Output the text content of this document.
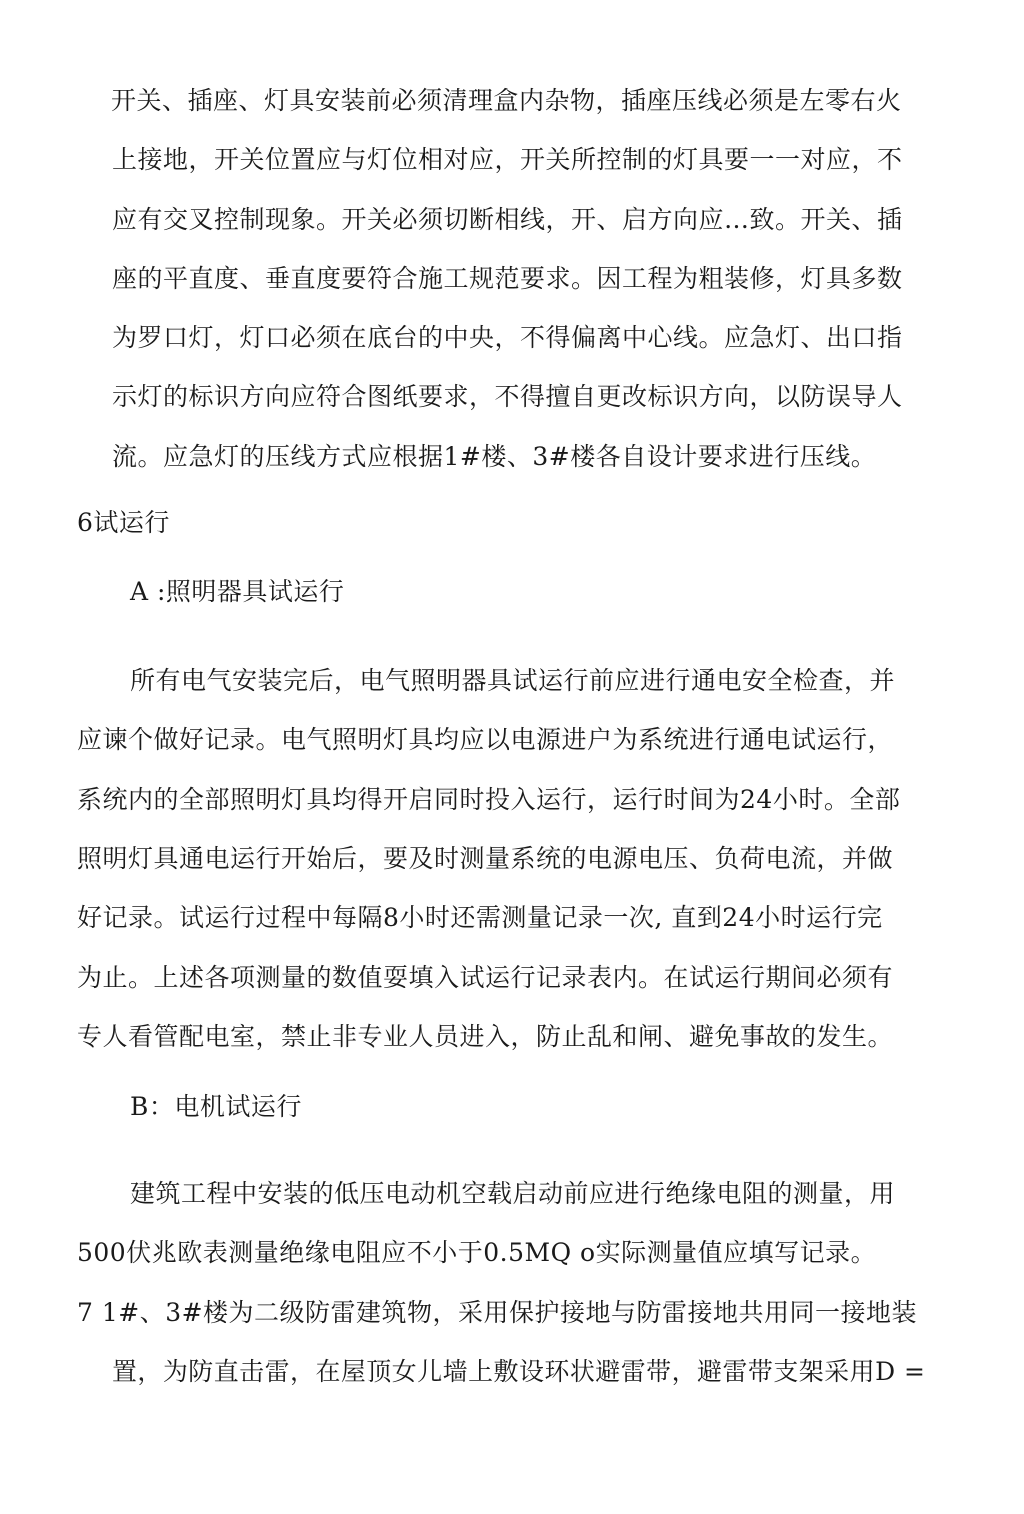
开关、插座、灯具安装前必须清理盒内杂物，插座压线必须是左零右火
上接地，开关位置应与灯位相对应，开关所控制的灯具要一一对应，不
应有交叉控制现象。开关必须切断相线，开、启方向应…致。开关、插
座的平直度、垂直度要符合施工规范要求。因工程为粗装修，灯具多数
为罗口灯，灯口必须在底台的中央，不得偏离中心线。应急灯、出口指
示灯的标识方向应符合图纸要求，不得擅自更改标识方向，以防误导人
流。应急灯的压线方式应根据1#楼、3#楼各自设计要求进行压线。
6试运行
A :照明器具试运行
所有电气安装完后，电气照明器具试运行前应进行通电安全检查，并
应谏个做好记录。电气照明灯具均应以电源进户为系统进行通电试运行，
系统内的全部照明灯具均得开启同时投入运行，运行时间为24小时。全部
照明灯具通电运行开始后，要及时测量系统的电源电压、负荷电流，并做
好记录。试运行过程中每隔8小时还需测量记录一次, 直到24小时运行完
为止。上述各项测量的数值耍填入试运行记录表内。在试运行期间必须有
专人看管配电室，禁止非专业人员进入，防止乱和闸、避免事故的发生。
B：电机试运行
建筑工程中安装的低压电动机空载启动前应进行绝缘电阻的测量，用
500伏兆欧表测量绝缘电阻应不小于0.5MQ o实际测量值应填写记录。
7 1#、3#楼为二级防雷建筑物，采用保护接地与防雷接地共用同一接地装
置，为防直击雷，在屋顶女儿墙上敷设环状避雷带，避雷带支架采用D =
